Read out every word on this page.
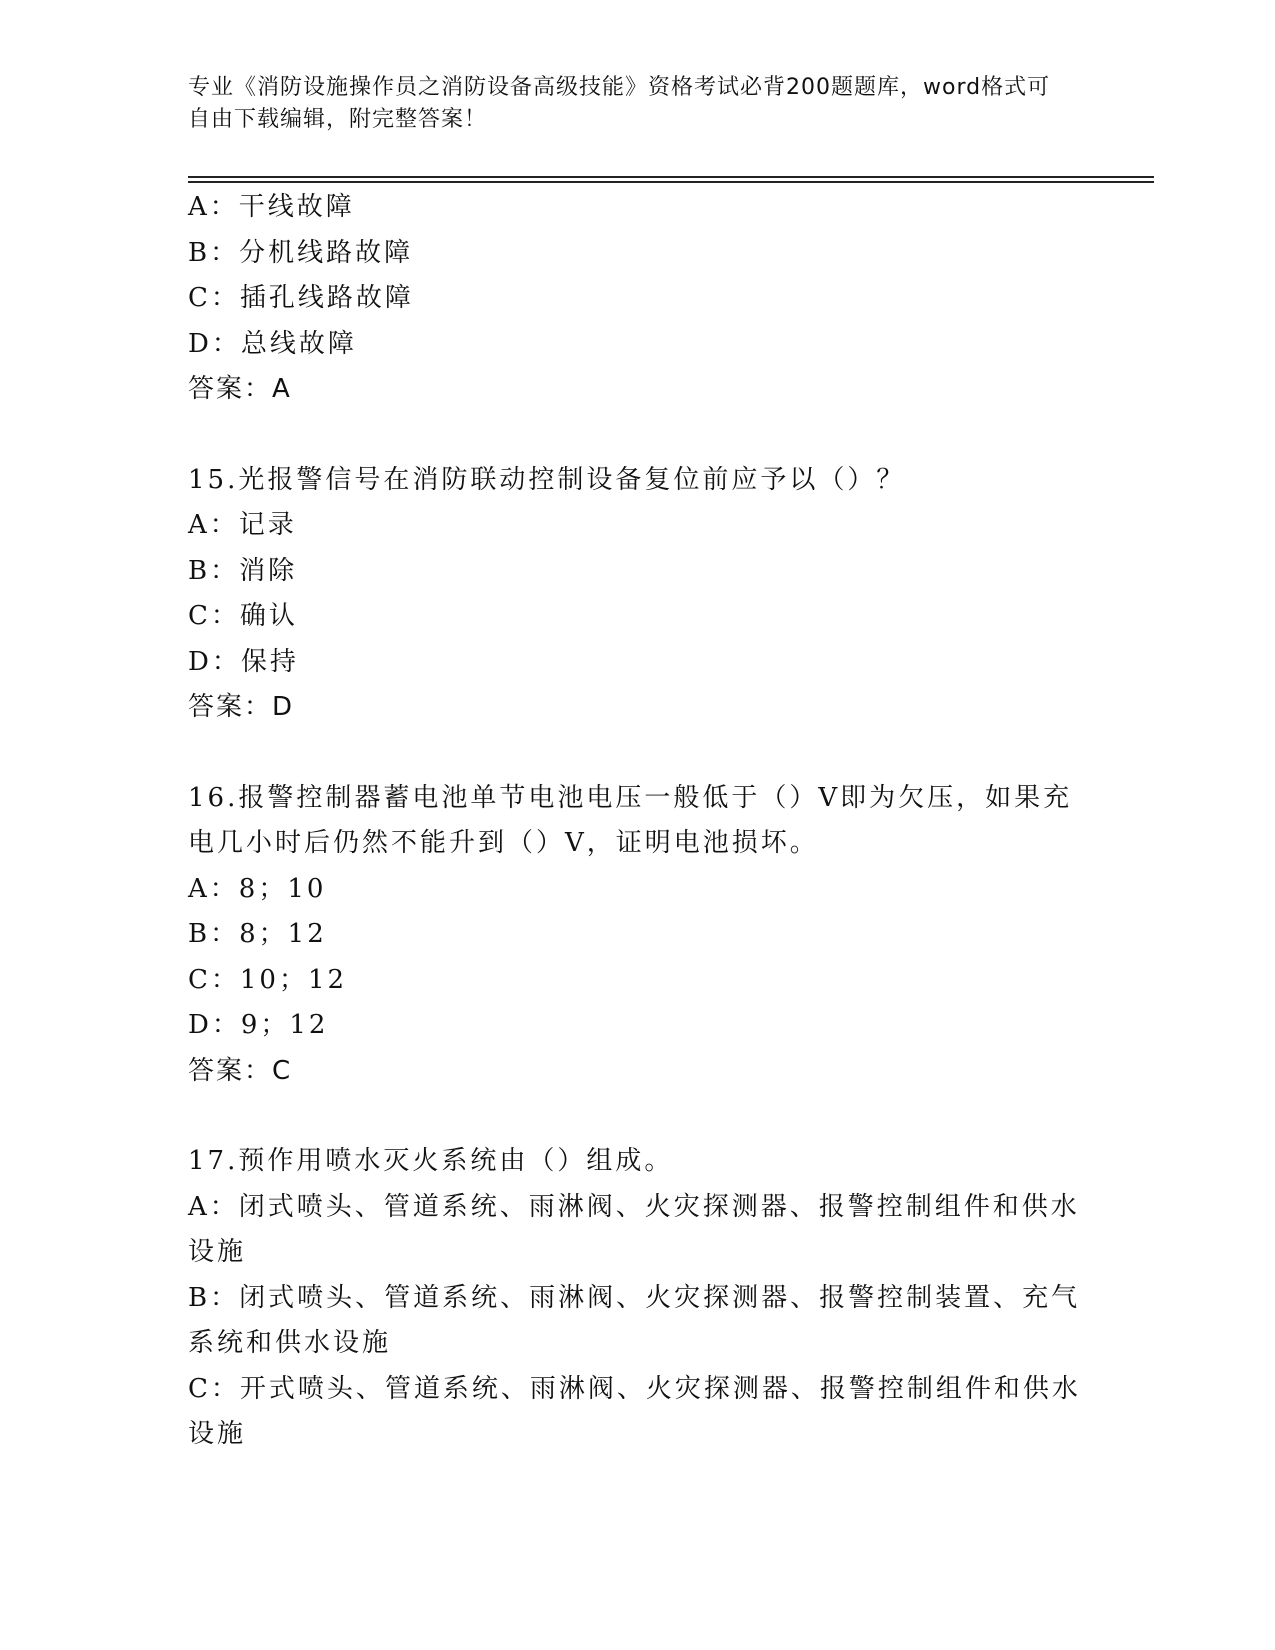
专业《消防设施操作员之消防设备高级技能》资格考试必背200题题库，word格式可自由下载编辑，附完整答案！
A：干线故障
B：分机线路故障
C：插孔线路故障
D：总线故障
答案：A
15.光报警信号在消防联动控制设备复位前应予以（）？
A：记录
B：消除
C：确认
D：保持
答案：D
16.报警控制器蓄电池单节电池电压一般低于（）V即为欠压，如果充
电几小时后仍然不能升到（）V，证明电池损坏。
A：8；10
B：8；12
C：10；12
D：9；12
答案：C
17.预作用喷水灭火系统由（）组成。
A：闭式喷头、管道系统、雨淋阀、火灾探测器、报警控制组件和供水
设施
B：闭式喷头、管道系统、雨淋阀、火灾探测器、报警控制装置、充气
系统和供水设施
C：开式喷头、管道系统、雨淋阀、火灾探测器、报警控制组件和供水
设施
